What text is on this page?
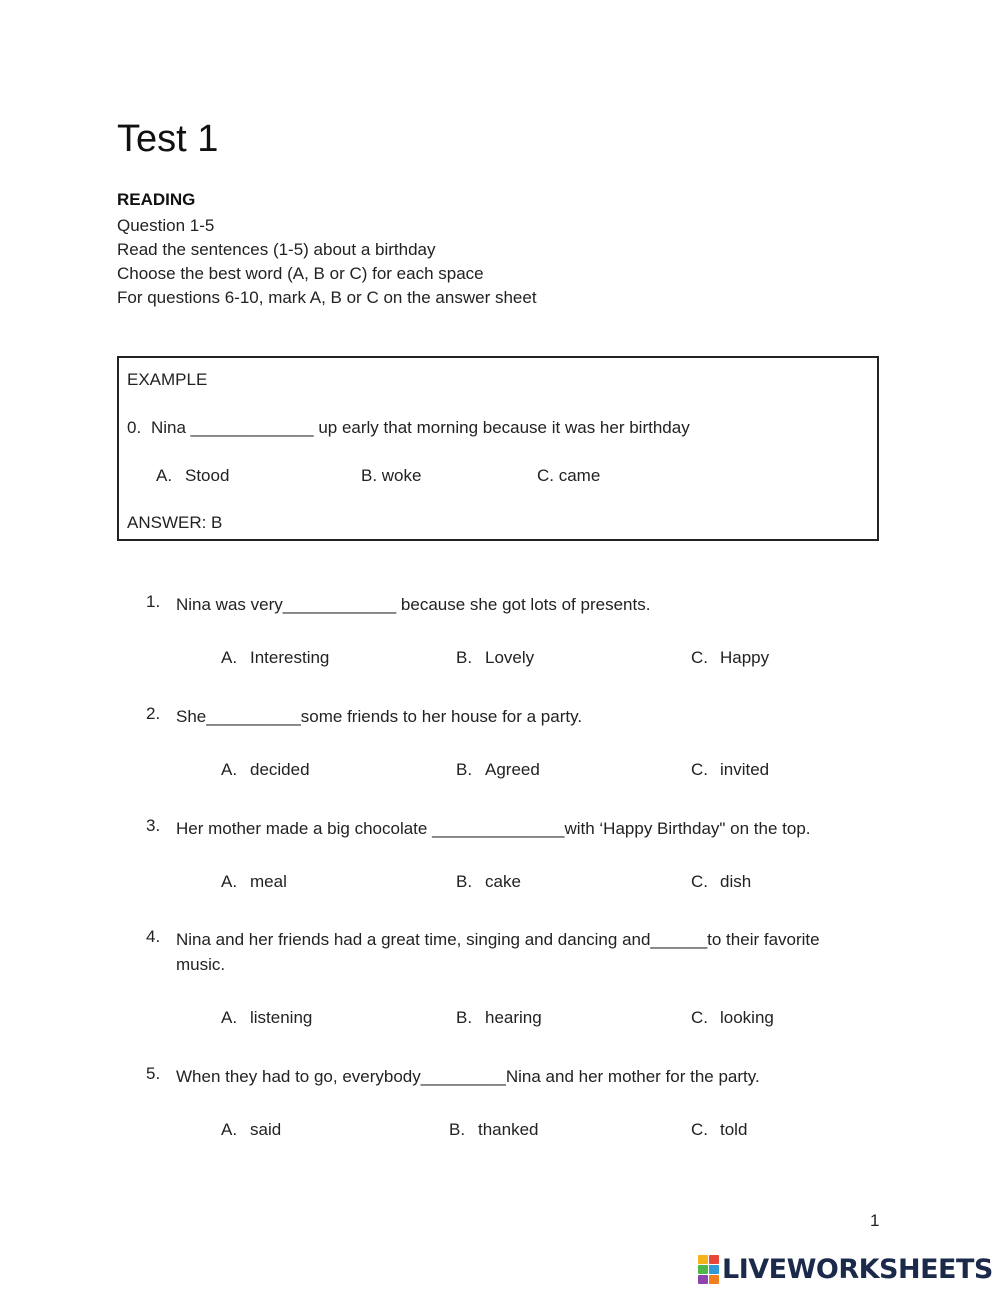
Test 1
READING
Question 1-5
Read the sentences (1-5) about a birthday
Choose the best word (A, B or C) for each space
For questions 6-10, mark A, B or C on the answer sheet
EXAMPLE
0. Nina _____________ up early that morning because it was her birthday
A. Stood	B. woke	C. came
ANSWER: B
1. Nina was very____________ because she got lots of presents.
A. Interesting	B. Lovely	C. Happy
2. She__________some friends to her house for a party.
A. decided	B. Agreed	C. invited
3. Her mother made a big chocolate ______________with ‘Happy Birthday" on the top.
A. meal	B. cake	C. dish
4. Nina and her friends had a great time, singing and dancing and______to their favorite music.
A. listening	B. hearing	C. looking
5. When they had to go, everybody_________Nina and her mother for the party.
A. said	B. thanked	C. told
1
LIVEWORKSHEETS
